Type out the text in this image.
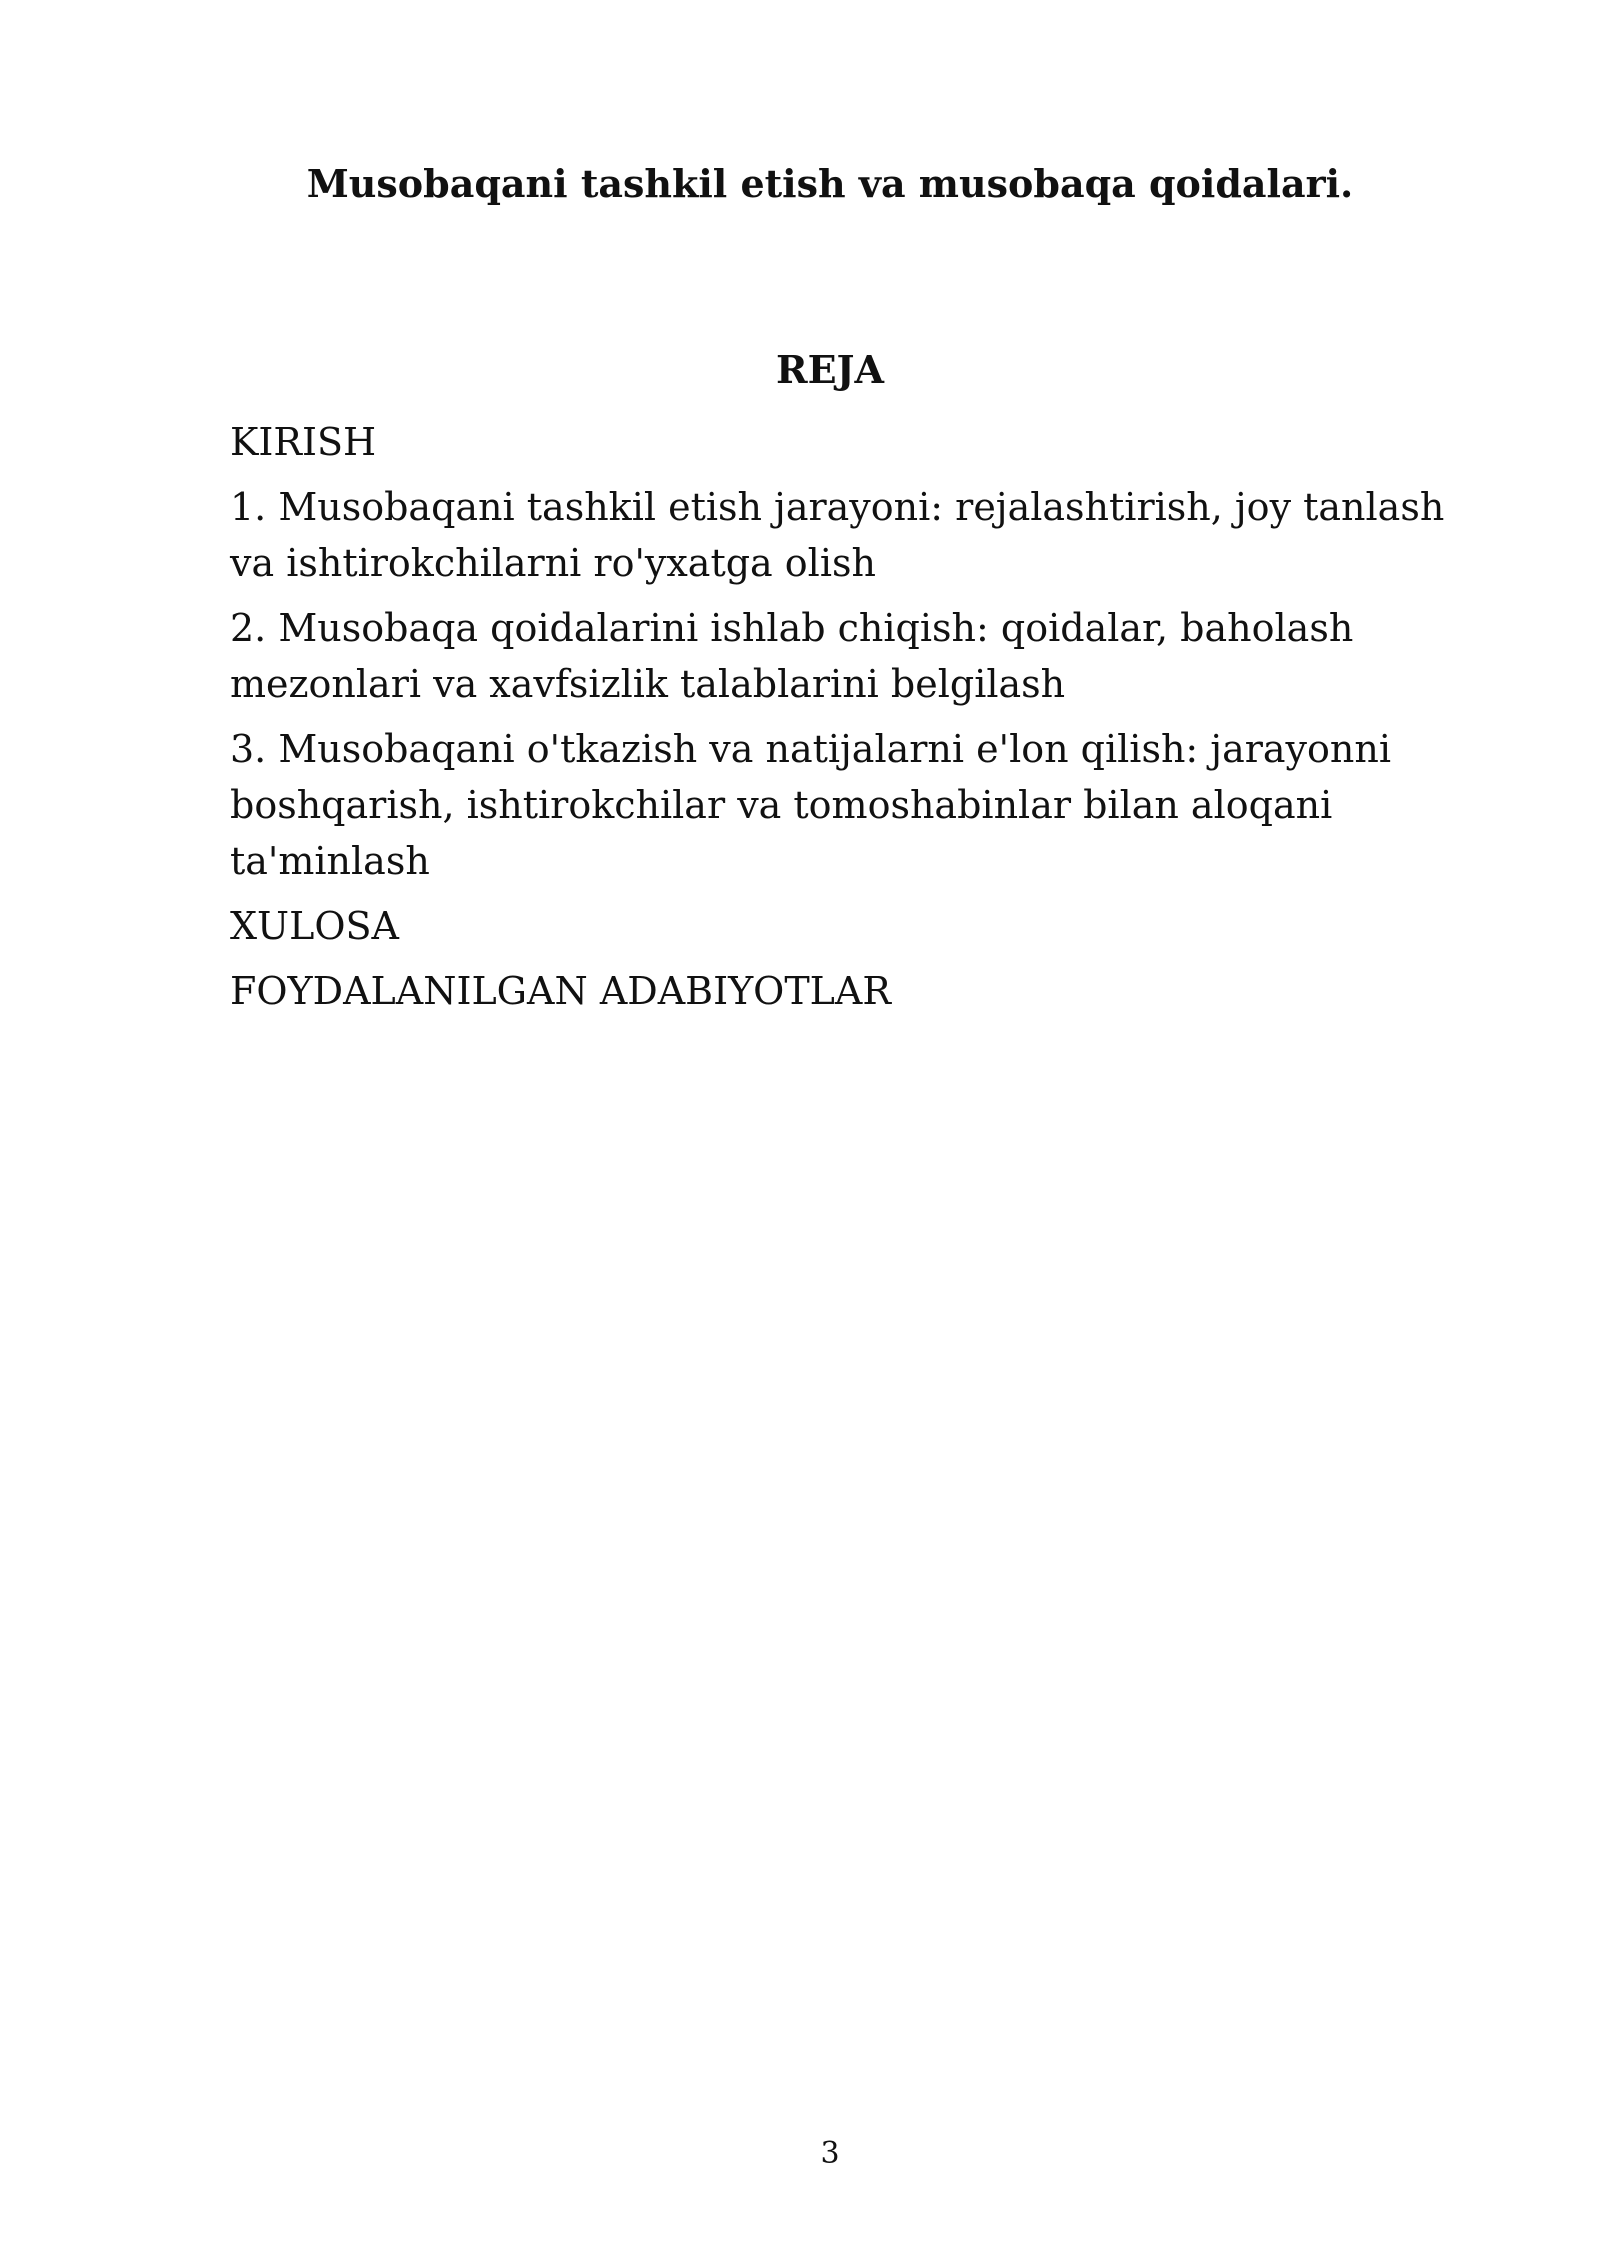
Musobaqani tashkil etish va musobaqa qoidalari.
REJA
KIRISH
1. Musobaqani tashkil etish jarayoni: rejalashtirish, joy tanlash va ishtirokchilarni ro'yxatga olish
2. Musobaqa qoidalarini ishlab chiqish: qoidalar, baholash mezonlari va xavfsizlik talablarini belgilash
3. Musobaqani o'tkazish va natijalarni e'lon qilish: jarayonni boshqarish, ishtirokchilar va tomoshabinlar bilan aloqani ta'minlash
XULOSA
FOYDALANILGAN ADABIYOTLAR
3
